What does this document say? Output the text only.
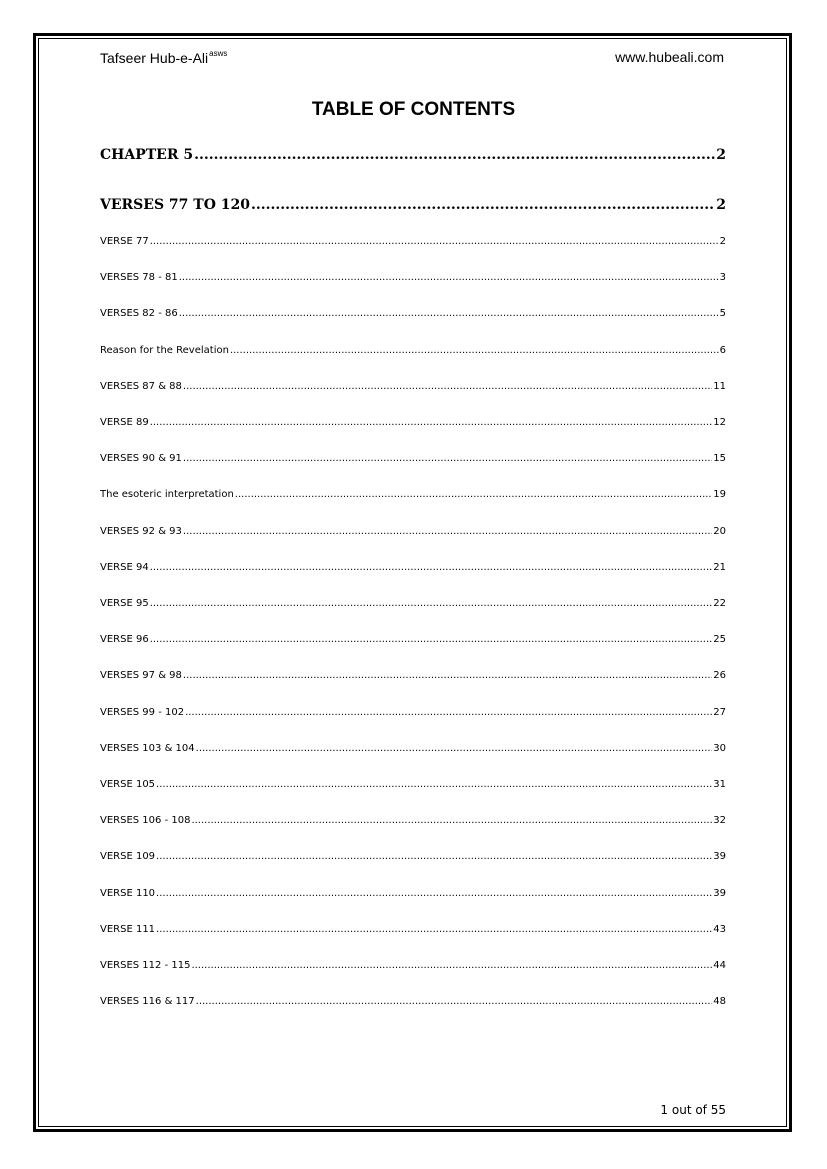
Tafseer Hub-e-Ali$^{asws}$	www.hubeali.com
TABLE OF CONTENTS
CHAPTER 5 .....	2
VERSES 77 TO 120 .....	2
VERSE 77 .....	2
VERSES 78 - 81 .....	3
VERSES 82 - 86 .....	5
Reason for the Revelation .....	6
VERSES 87 & 88 .....	11
VERSE 89 .....	12
VERSES 90 & 91 .....	15
The esoteric interpretation .....	19
VERSES 92 & 93 .....	20
VERSE 94 .....	21
VERSE 95 .....	22
VERSE 96 .....	25
VERSES 97 & 98 .....	26
VERSES 99 - 102 .....	27
VERSES 103 & 104 .....	30
VERSE 105 .....	31
VERSES 106 - 108 .....	32
VERSE 109 .....	39
VERSE 110 .....	39
VERSE 111 .....	43
VERSES 112 - 115 .....	44
VERSES 116 & 117 .....	48
1 out of 55
